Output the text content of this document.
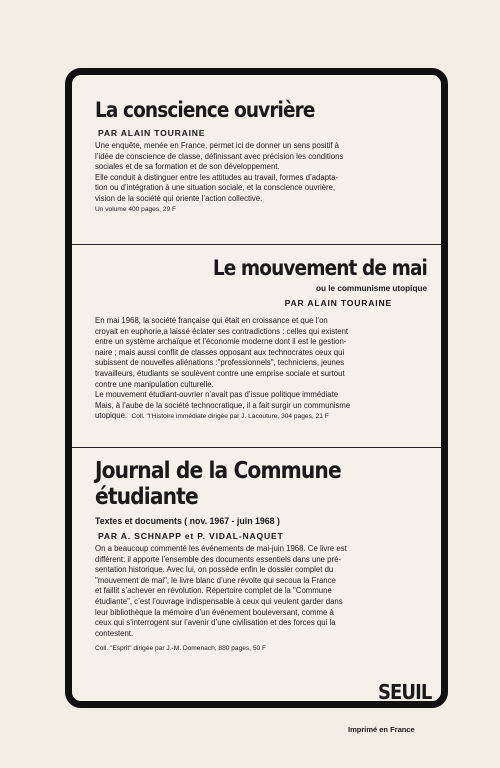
La conscience ouvrière
PAR ALAIN TOURAINE

Une enquête, menée en France, permet ici de donner un sens positif à

l’idée de conscience de classe, définissant avec précision les conditions

sociales et de sa formation et de son développement.

Elle conduit à distinguer entre les attitudes au travail, formes d’adapta-

tion ou d’intégration à une situation sociale, et la conscience ouvrière,

vision de la société qui oriente l’action collective.

Un volume 400 pages, 29 F
Le mouvement de mai
ou le communisme utopique
PAR ALAIN TOURAINE

En mai 1968, la société française qui était en croissance et que l’on

croyait en euphorie,a laissé éclater ses contradictions : celles qui existent

entre un système archaïque et l’économie moderne dont il est le gestion-

naire ; mais aussi conflit de classes opposant aux technocrates ceux qui

subissent de nouvelles aliénations :"professionnels", techniciens, jeunes

travailleurs, étudiants se soulèvent contre une emprise sociale et surtout

contre une manipulation culturelle.

Le mouvement étudiant-ouvrier n’avait pas d’issue politique immédiate

Mais, à l’aube de la société technocratique, il a fait surgir un communisme

utopique. Coll. "l’Histoire immédiate dirigée par J. Lacouture, 304 pages, 21 F

Journal de la Commune
étudiante
Textes et documents ( nov. 1967 - juin 1968 )
PAR A. SCHNAPP et P. VIDAL-NAQUET

On a beaucoup commenté les événements de mai-juin 1968. Ce livre est

différent: il apporte l’ensemble des documents essentiels dans une pré-

sentation historique. Avec lui, on possède enfin le dossier complet du

"mouvement de mai", le livre blanc d’une révolte qui secoua la France

et faillit s’achever en révolution. Répertoire complet de la "Commune

étudiante", c’est l’ouvrage indispensable à ceux qui veulent garder dans

leur bibliothèque la mémoire d’un événement bouleversant, comme à

ceux qui s’interrogent sur l’avenir d’une civilisation et des forces qui la

contestent.

Coll. "Esprit" dirigée par J.-M. Domenach, 880 pages, 50 F
SEUIL
Imprimé en France
